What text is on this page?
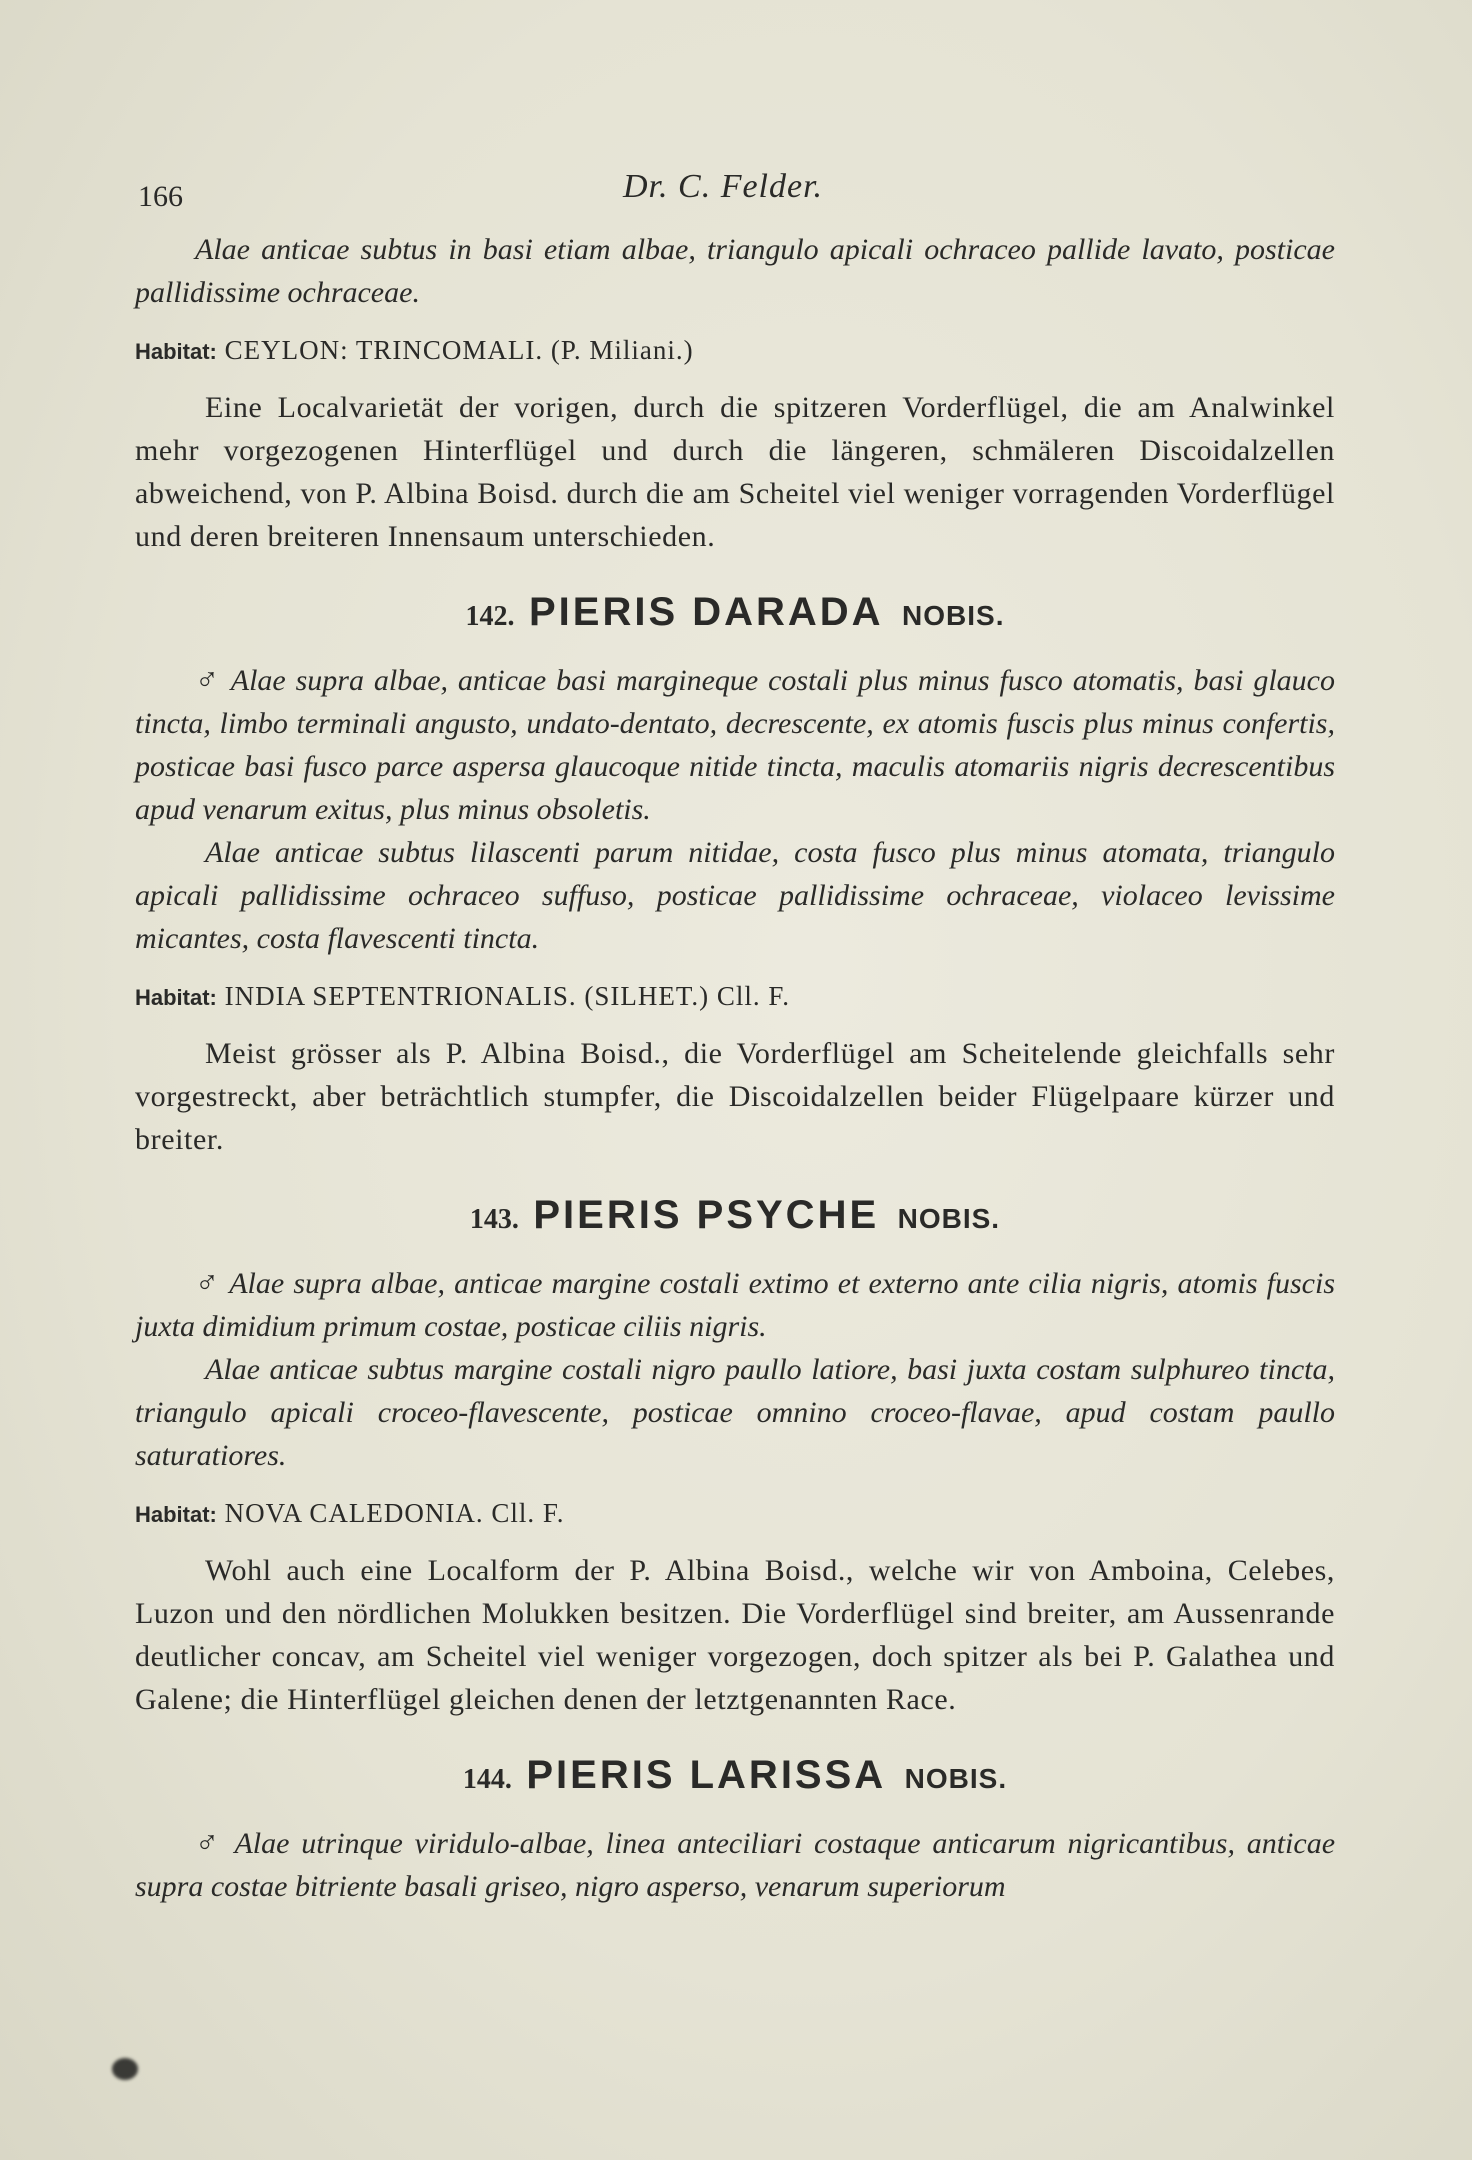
166	Dr. C. Felder.

Alae anticae subtus in basi etiam albae, triangulo apicali ochraceo pallide lavato, posticae pallidissime ochraceae.

Habitat: CEYLON: TRINCOMALI. (P. Miliani.)

Eine Localvarietät der vorigen, durch die spitzeren Vorderflügel, die am Analwinkel mehr vorgezogenen Hinterflügel und durch die längeren, schmäleren Discoidalzellen abweichend, von P. Albina Boisd. durch die am Scheitel viel weniger vorragenden Vorderflügel und deren breiteren Innensaum unterschieden.

142. PIERIS DARADA NOBIS.

♂ Alae supra albae, anticae basi margineque costali plus minus fusco atomatis, basi glauco tincta, limbo terminali angusto, undato-dentato, decrescente, ex atomis fuscis plus minus confertis, posticae basi fusco parce aspersa glaucoque nitide tincta, maculis atomariis nigris decrescentibus apud venarum exitus, plus minus obsoletis.

Alae anticae subtus lilascenti parum nitidae, costa fusco plus minus atomata, triangulo apicali pallidissime ochraceo suffuso, posticae pallidissime ochraceae, violaceo levissime micantes, costa flavescenti tincta.

Habitat: INDIA SEPTENTRIONALIS. (SILHET.) Cll. F.

Meist grösser als P. Albina Boisd., die Vorderflügel am Scheitelende gleichfalls sehr vorgestreckt, aber beträchtlich stumpfer, die Discoidalzellen beider Flügelpaare kürzer und breiter.

143. PIERIS PSYCHE NOBIS.

♂ Alae supra albae, anticae margine costali extimo et externo ante cilia nigris, atomis fuscis juxta dimidium primum costae, posticae ciliis nigris.

Alae anticae subtus margine costali nigro paullo latiore, basi juxta costam sulphureo tincta, triangulo apicali croceo-flavescente, posticae omnino croceo-flavae, apud costam paullo saturatiores.

Habitat: NOVA CALEDONIA. Cll. F.

Wohl auch eine Localform der P. Albina Boisd., welche wir von Amboina, Celebes, Luzon und den nördlichen Molukken besitzen. Die Vorderflügel sind breiter, am Aussenrande deutlicher concav, am Scheitel viel weniger vorgezogen, doch spitzer als bei P. Galathea und Galene; die Hinterflügel gleichen denen der letztgenannten Race.

144. PIERIS LARISSA NOBIS.

♂ Alae utrinque viridulo-albae, linea anteciliari costaque anticarum nigricantibus, anticae supra costae bitriente basali griseo, nigro asperso, venarum superiorum
